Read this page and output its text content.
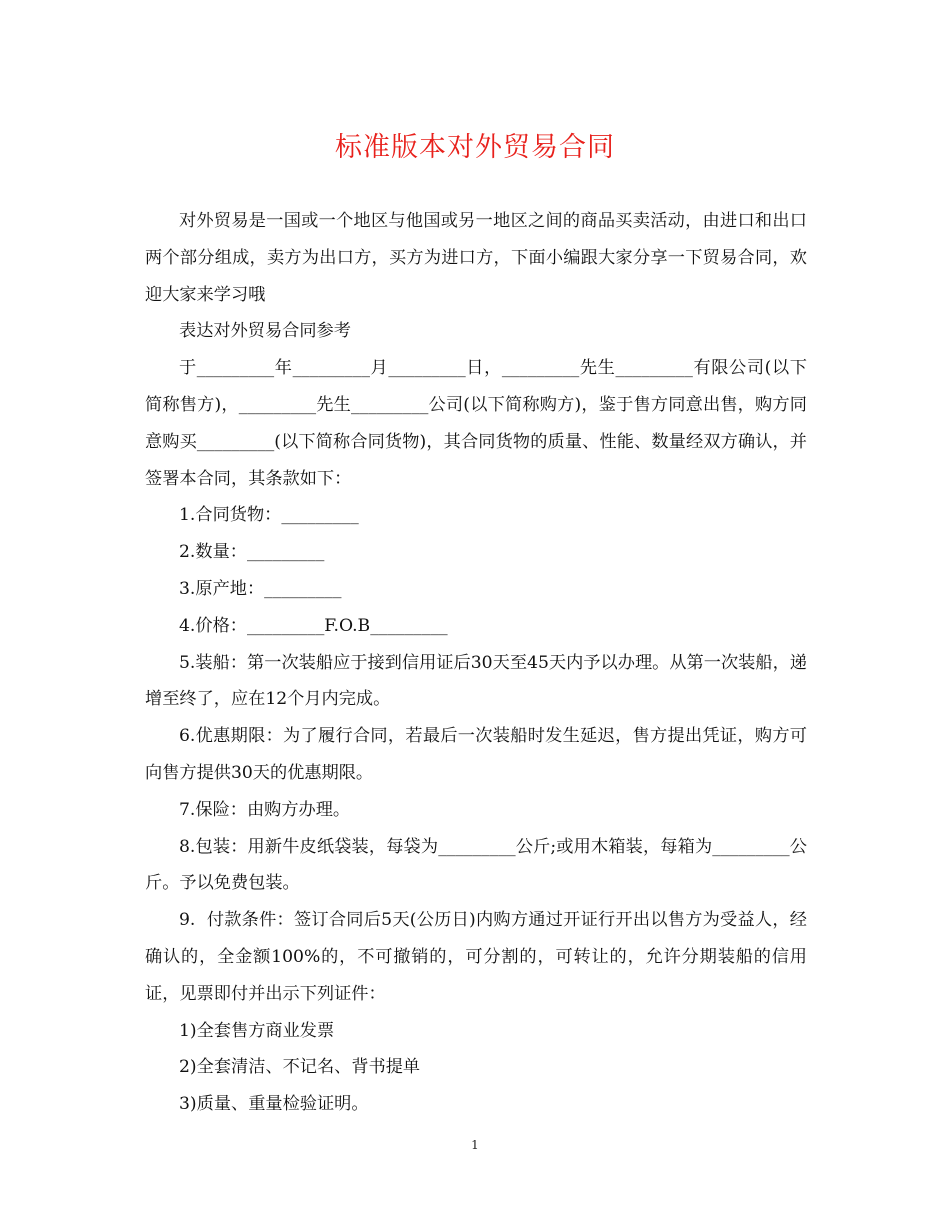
标准版本对外贸易合同

对外贸易是一国或一个地区与他国或另一地区之间的商品买卖活动，由进口和出口两个部分组成，卖方为出口方，买方为进口方，下面小编跟大家分享一下贸易合同，欢迎大家来学习哦

表达对外贸易合同参考

于_________年_________月_________日，_________先生_________有限公司(以下简称售方)，_________先生_________公司(以下简称购方)，鉴于售方同意出售，购方同意购买_________(以下简称合同货物)，其合同货物的质量、性能、数量经双方确认，并签署本合同，其条款如下：

1.合同货物：_________

2.数量：_________

3.原产地：_________

4.价格：_________F.O.B_________

5.装船：第一次装船应于接到信用证后30天至45天内予以办理。从第一次装船，递增至终了，应在12个月内完成。

6.优惠期限：为了履行合同，若最后一次装船时发生延迟，售方提出凭证，购方可向售方提供30天的优惠期限。

7.保险：由购方办理。

8.包装：用新牛皮纸袋装，每袋为_________公斤;或用木箱装，每箱为_________公斤。予以免费包装。

9.  付款条件：签订合同后5天(公历日)内购方通过开证行开出以售方为受益人，经确认的，全金额100%的，不可撤销的，可分割的，可转让的，允许分期装船的信用证，见票即付并出示下列证件：

1)全套售方商业发票

2)全套清洁、不记名、背书提单

3)质量、重量检验证明。

1
